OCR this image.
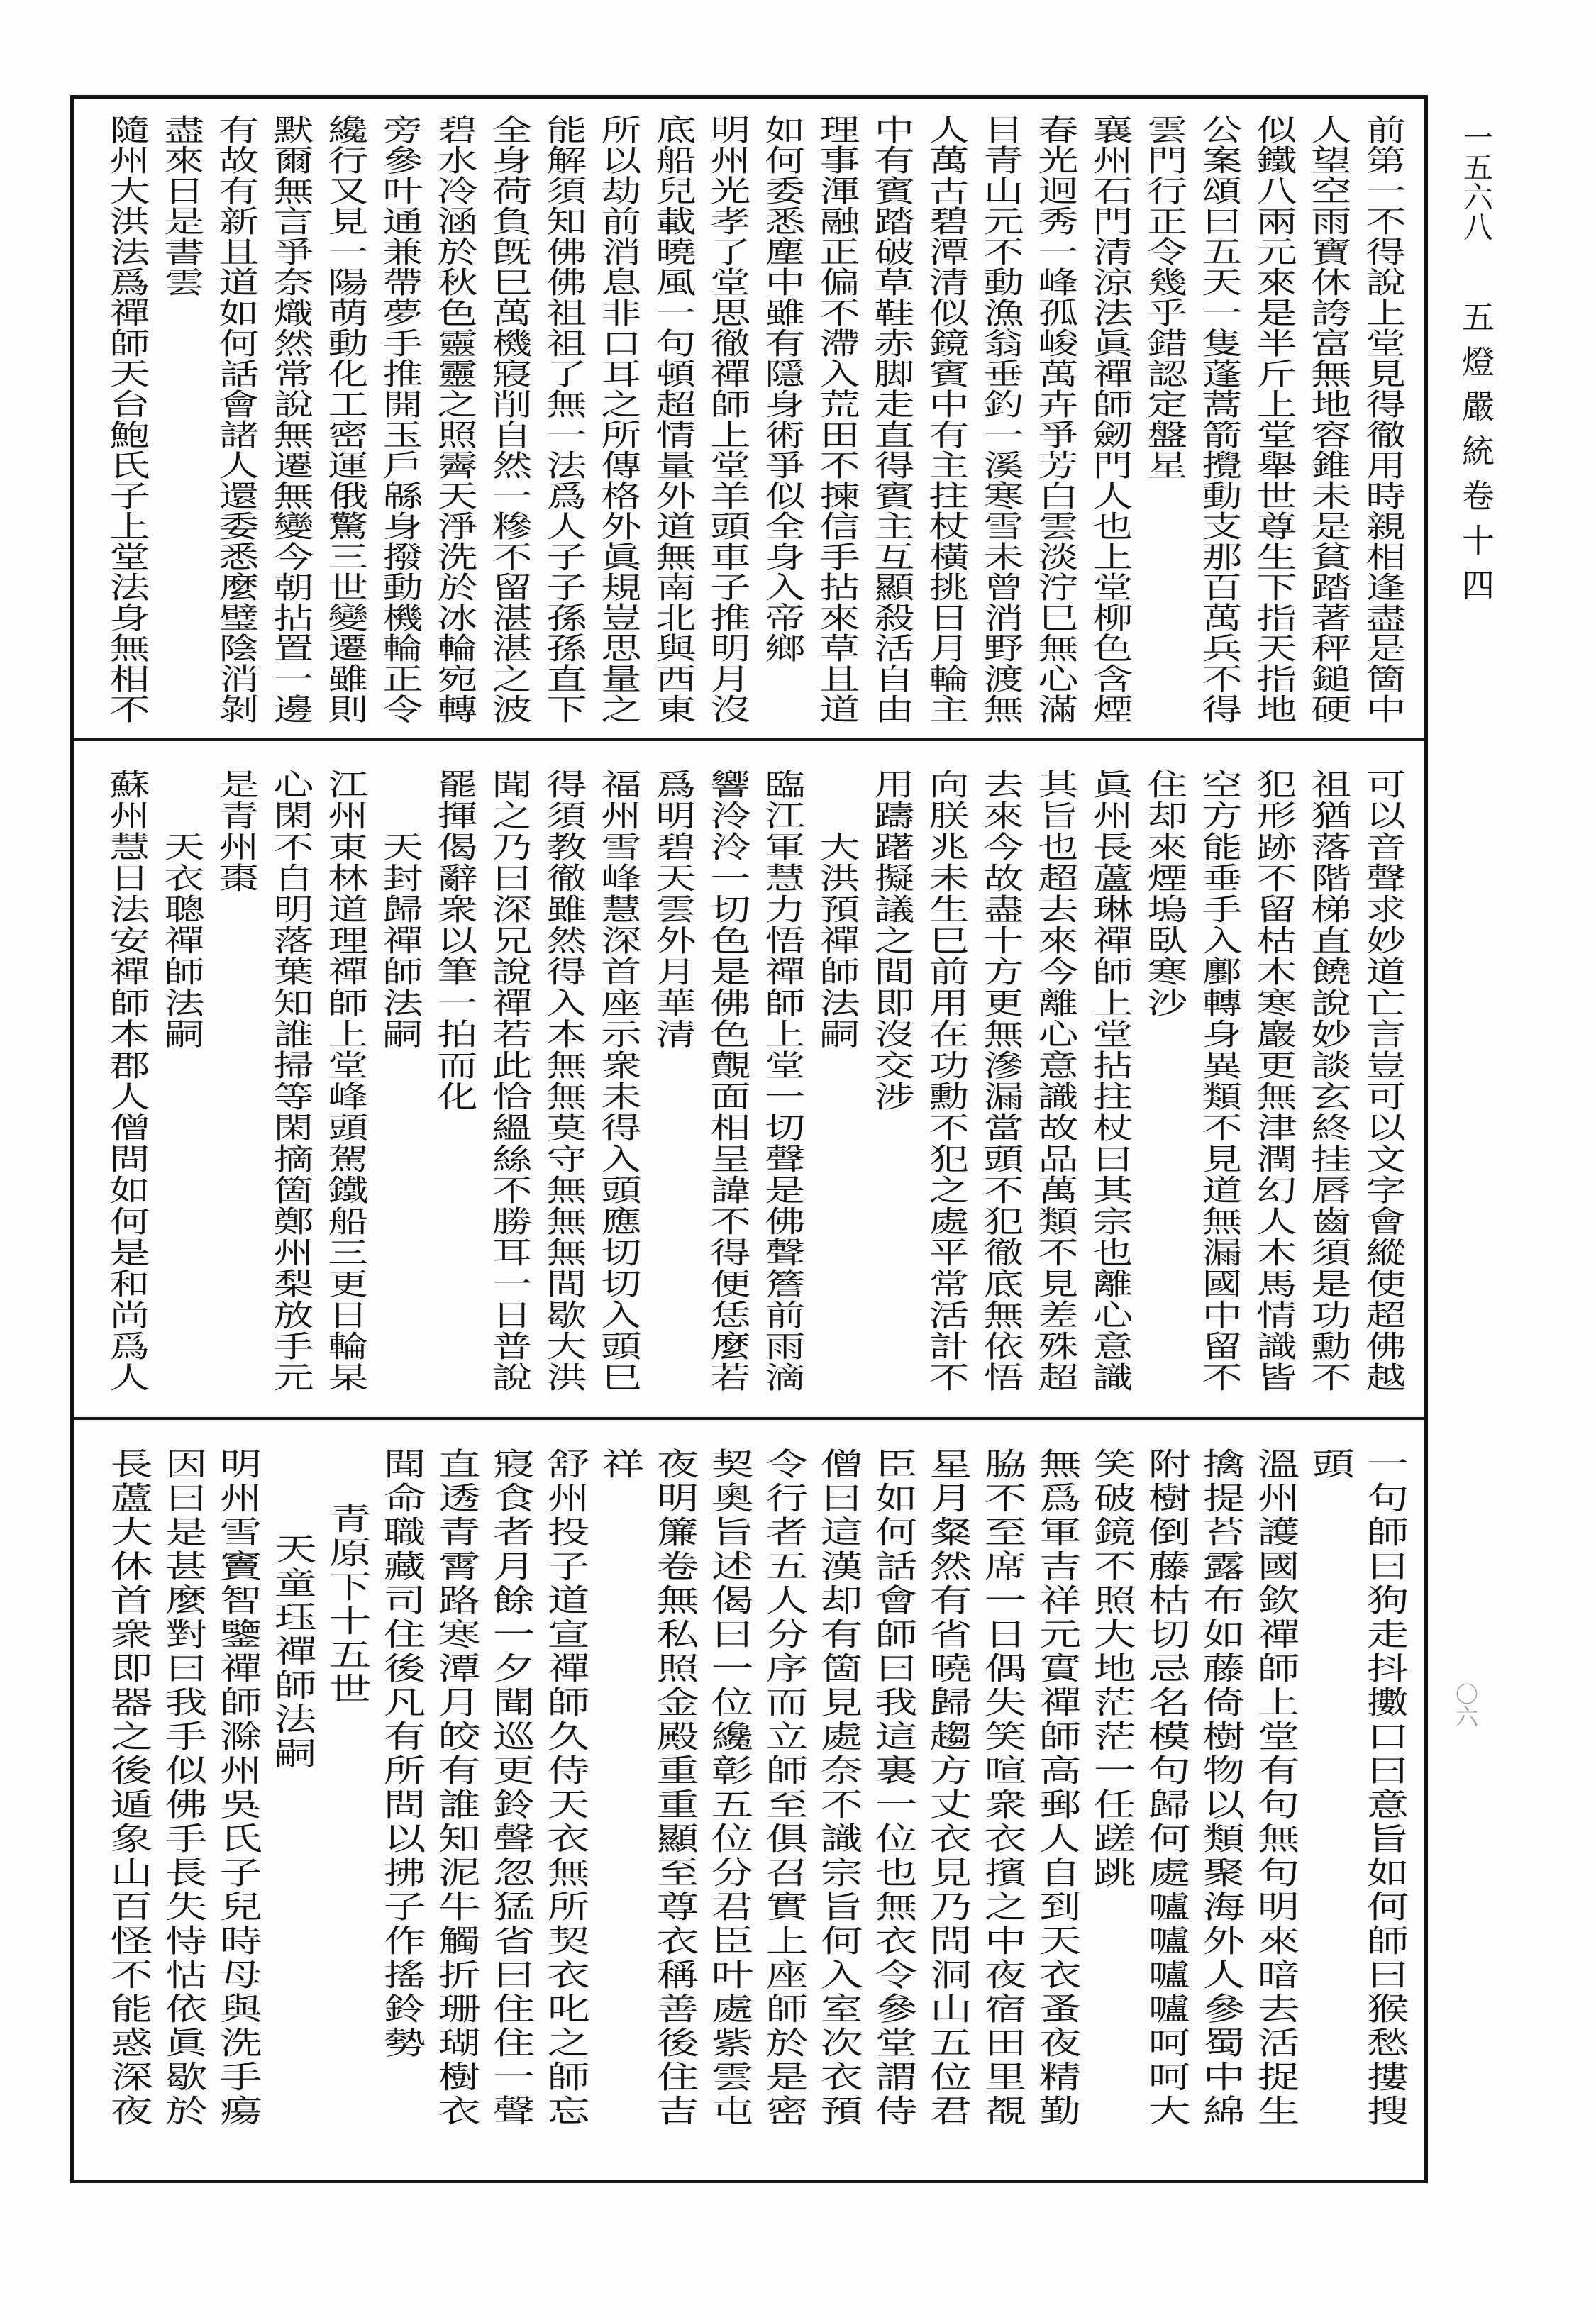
一五六八
五燈嚴統卷十四
〇六
前第一不得說上堂見得徹用時親相逢盡是箇中
人望空雨寶休誇富無地容錐未是貧踏著秤鎚硬
似鐵八兩元來是半斤上堂舉世尊生下指天指地
公案頌曰五天一隻蓬蒿箭攪動支那百萬兵不得
雲門行正令幾乎錯認定盤星
襄州石門清涼法眞禪師劒門人也上堂柳色含煙
春光迥秀一峰孤峻萬卉爭芳白雲淡泞巳無心滿
目青山元不動漁翁垂釣一溪寒雪未曾消野渡無
人萬古碧潭清似鏡賓中有主拄杖橫挑日月輪主
中有賓踏破草鞋赤脚走直得賓主互顯殺活自由
理事渾融正偏不滯入荒田不揀信手拈來草且道
如何委悉塵中雖有隱身術爭似全身入帝鄉
明州光孝了堂思徹禪師上堂羊頭車子推明月沒
底船兒載曉風一句頓超情量外道無南北與西東
所以劫前消息非口耳之所傳格外眞規豈思量之
能解須知佛佛祖祖了無一法爲人子子孫孫直下
全身荷負旣巳萬機寢削自然一糝不留湛湛之波
碧水冷涵於秋色靈靈之照霽天淨洗於冰輪宛轉
旁參叶通兼帶夢手推開玉戶緜身撥動機輪正令
纔行又見一陽萌動化工密運俄驚三世變遷雖則
默爾無言爭奈熾然常說無遷無變今朝拈置一邊
有故有新且道如何話會諸人還委悉麼璧陰消剝
盡來日是書雲
隨州大洪法爲禪師天台鮑氏子上堂法身無相不
可以音聲求妙道亡言豈可以文字會縱使超佛越
祖猶落階梯直饒說妙談玄終挂唇齒須是功勳不
犯形跡不留枯木寒巖更無津潤幻人木馬情識皆
空方能垂手入鄽轉身異類不見道無漏國中留不
住却來煙塢臥寒沙
眞州長蘆琳禪師上堂拈拄杖曰其宗也離心意識
其旨也超去來今離心意識故品萬類不見差殊超
去來今故盡十方更無滲漏當頭不犯徹底無依悟
向朕兆未生巳前用在功勳不犯之處平常活計不
用躊躇擬議之間即沒交涉
大洪預禪師法嗣
臨江軍慧力悟禪師上堂一切聲是佛聲簷前雨滴
響泠泠一切色是佛色覿面相呈諱不得便恁麼若
爲明碧天雲外月華清
福州雪峰慧深首座示衆未得入頭應切切入頭巳
得須教徹雖然得入本無無莫守無無無間歇大洪
聞之乃曰深兄說禪若此恰縕絲不勝耳一日普說
罷揮偈辭衆以筆一拍而化
天封歸禪師法嗣
江州東林道理禪師上堂峰頭駕鐵船三更日輪杲
心閑不自明落葉知誰掃等閑摘箇鄭州梨放手元
是青州棗
天衣聰禪師法嗣
蘇州慧日法安禪師本郡人僧問如何是和尚爲人
一句師曰狗走抖擻口曰意旨如何師曰猴愁摟搜
頭
溫州護國欽禪師上堂有句無句明來暗去活捉生
擒提苔露布如藤倚樹物以類聚海外人參蜀中綿
附樹倒藤枯切忌名模句歸何處嚧嚧嚧嚧呵呵大
笑破鏡不照大地茫茫一任蹉跳
無爲軍吉祥元實禪師高郵人自到天衣蚤夜精勤
脇不至席一日偶失笑喧衆衣擯之中夜宿田里覩
星月粲然有省曉歸趨方丈衣見乃問洞山五位君
臣如何話會師曰我這裏一位也無衣令參堂謂侍
僧曰這漢却有箇見處奈不識宗旨何入室次衣預
令行者五人分序而立師至俱召實上座師於是密
契奧旨述偈曰一位纔彰五位分君臣叶處紫雲屯
夜明簾卷無私照金殿重重顯至尊衣稱善後住吉
祥
舒州投子道宣禪師久侍天衣無所契衣叱之師忘
寢食者月餘一夕聞巡更鈴聲忽猛省曰住住一聲
直透青霄路寒潭月皎有誰知泥牛觸折珊瑚樹衣
聞命職藏司住後凡有所問以拂子作搖鈴勢
青原下十五世
天童珏禪師法嗣
明州雪竇智鑒禪師滁州吳氏子兒時母與洗手瘍
因曰是甚麼對曰我手似佛手長失恃怙依眞歇於
長蘆大休首衆即器之後遁象山百怪不能惑深夜
